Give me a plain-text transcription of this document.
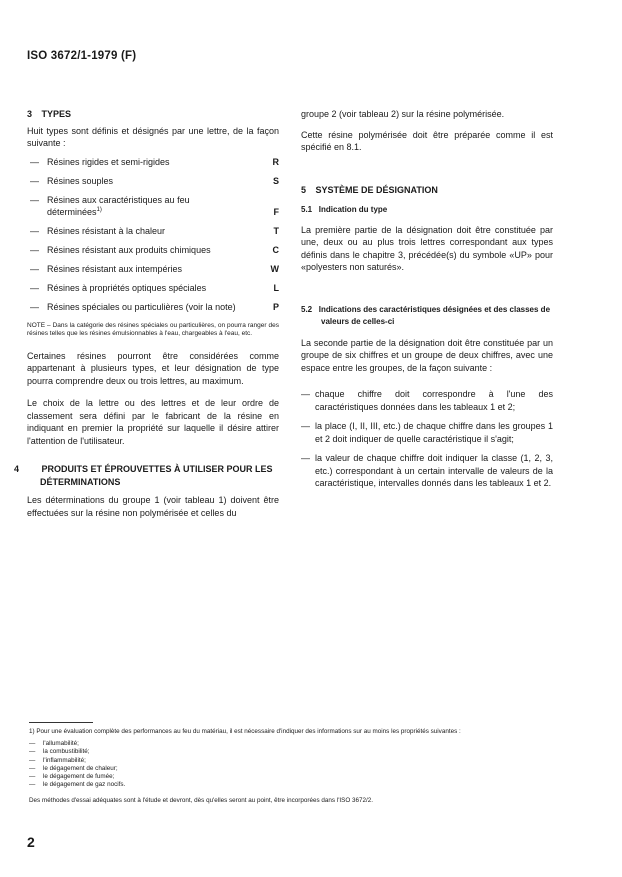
ISO 3672/1-1979 (F)
3 TYPES

Huit types sont définis et désignés par une lettre, de la façon suivante :

— Résines rigides et semi-rigides	R
— Résines souples	S
— Résines aux caractéristiques au feu déterminées$^{1)}$	F
— Résines résistant à la chaleur	T
— Résines résistant aux produits chimiques	C
— Résines résistant aux intempéries	W
— Résines à propriétés optiques spéciales	L
— Résines spéciales ou particulières (voir la note)	P

NOTE – Dans la catégorie des résines spéciales ou particulières, on pourra ranger des résines telles que les résines émulsionnables à l'eau, chargeables à l'eau, etc.

Certaines résines pourront être considérées comme appartenant à plusieurs types, et leur désignation de type pourra comprendre deux ou trois lettres, au maximum.

Le choix de la lettre ou des lettres et de leur ordre de classement sera défini par le fabricant de la résine en indiquant en premier la propriété sur laquelle il désire attirer l'attention de l'utilisateur.

4	PRODUITS ET ÉPROUVETTES À UTILISER POUR LES DÉTERMINATIONS

Les déterminations du groupe 1 (voir tableau 1) doivent être effectuées sur la résine non polymérisée et celles du

groupe 2 (voir tableau 2) sur la résine polymérisée.

Cette résine polymérisée doit être préparée comme il est spécifié en 8.1.

5 SYSTÈME DE DÉSIGNATION
5.1 Indication du type

La première partie de la désignation doit être constituée par une, deux ou au plus trois lettres correspondant aux types définis dans le chapitre 3, précédée(s) du symbole «UP» pour «polyesters non saturés».

5.2 Indications des caractéristiques désignées et des classes de valeurs de celles-ci

La seconde partie de la désignation doit être constituée par un groupe de six chiffres et un groupe de deux chiffres, avec une espace entre les groupes, de la façon suivante :

— chaque chiffre doit correspondre à l'une des caractéristiques données dans les tableaux 1 et 2;
— la place (I, II, III, etc.) de chaque chiffre dans les groupes 1 et 2 doit indiquer de quelle caractéristique il s'agit;
— la valeur de chaque chiffre doit indiquer la classe (1, 2, 3, etc.) correspondant à un certain intervalle de valeurs de la caractéristique, intervalles donnés dans les tableaux 1 et 2.
1) Pour une évaluation complète des performances au feu du matériau, il est nécessaire d'indiquer des informations sur au moins les propriétés suivantes :
— l'allumabilité;
— la combustibilité;
— l'inflammabilité;
— le dégagement de chaleur;
— le dégagement de fumée;
— le dégagement de gaz nocifs.
Des méthodes d'essai adéquates sont à l'étude et devront, dès qu'elles seront au point, être incorporées dans l'ISO 3672/2.
2
